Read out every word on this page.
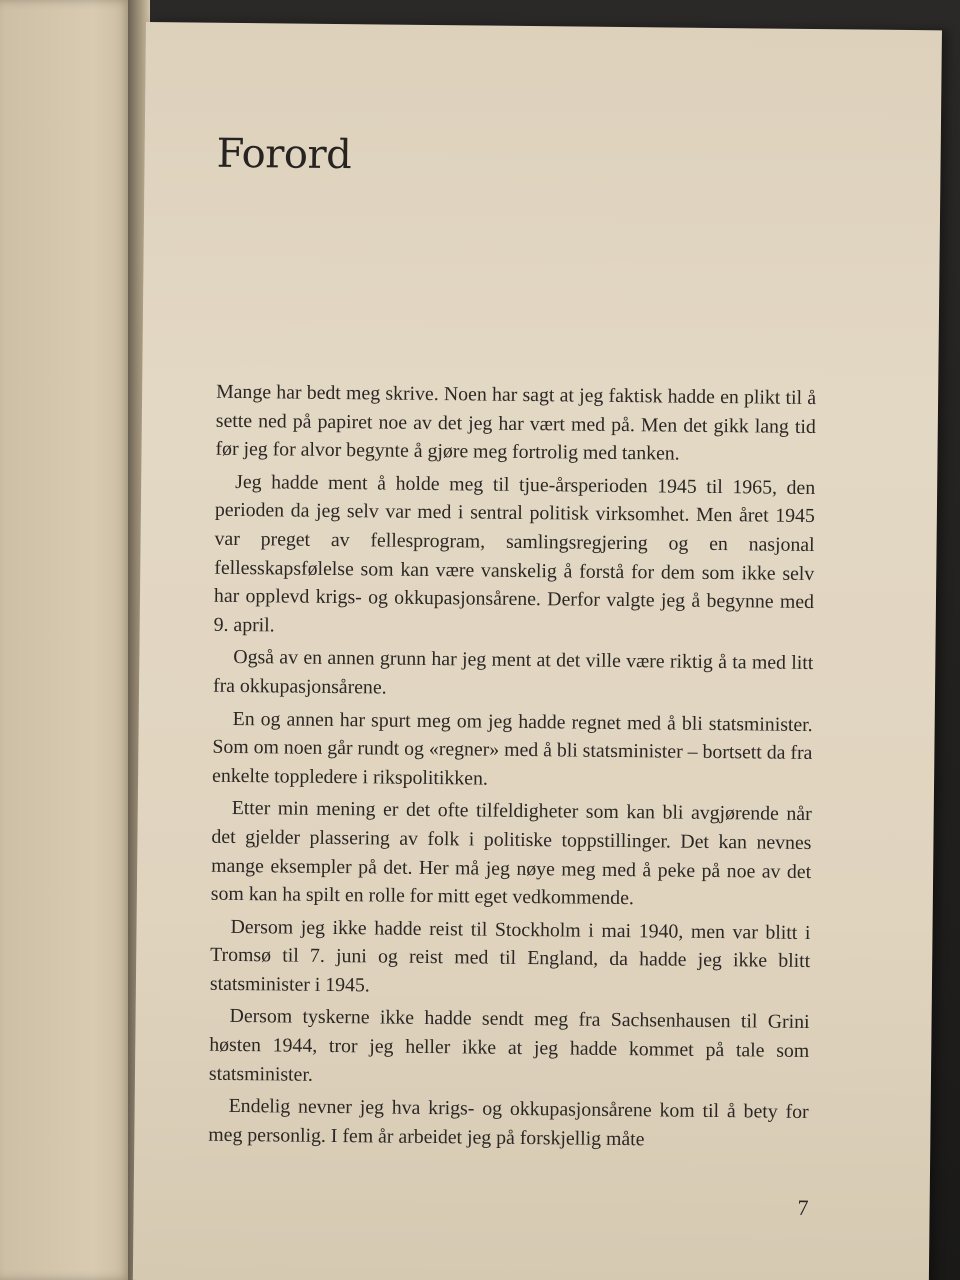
Forord

Mange har bedt meg skrive. Noen har sagt at jeg faktisk hadde en plikt til å sette ned på papiret noe av det jeg har vært med på. Men det gikk lang tid før jeg for alvor begynte å gjøre meg fortrolig med tanken.

Jeg hadde ment å holde meg til tjue-årsperioden 1945 til 1965, den perioden da jeg selv var med i sentral politisk virksomhet. Men året 1945 var preget av fellesprogram, samlingsregjering og en nasjonal fellesskapsfølelse som kan være vanskelig å forstå for dem som ikke selv har opplevd krigs- og okkupasjonsårene. Derfor valgte jeg å begynne med 9. april.

Også av en annen grunn har jeg ment at det ville være riktig å ta med litt fra okkupasjonsårene.

En og annen har spurt meg om jeg hadde regnet med å bli statsminister. Som om noen går rundt og «regner» med å bli statsminister – bortsett da fra enkelte toppledere i rikspolitikken.

Etter min mening er det ofte tilfeldigheter som kan bli avgjørende når det gjelder plassering av folk i politiske toppstillinger. Det kan nevnes mange eksempler på det. Her må jeg nøye meg med å peke på noe av det som kan ha spilt en rolle for mitt eget vedkommende.

Dersom jeg ikke hadde reist til Stockholm i mai 1940, men var blitt i Tromsø til 7. juni og reist med til England, da hadde jeg ikke blitt statsminister i 1945.

Dersom tyskerne ikke hadde sendt meg fra Sachsenhausen til Grini høsten 1944, tror jeg heller ikke at jeg hadde kommet på tale som statsminister.

Endelig nevner jeg hva krigs- og okkupasjonsårene kom til å bety for meg personlig. I fem år arbeidet jeg på forskjellig måte

7
